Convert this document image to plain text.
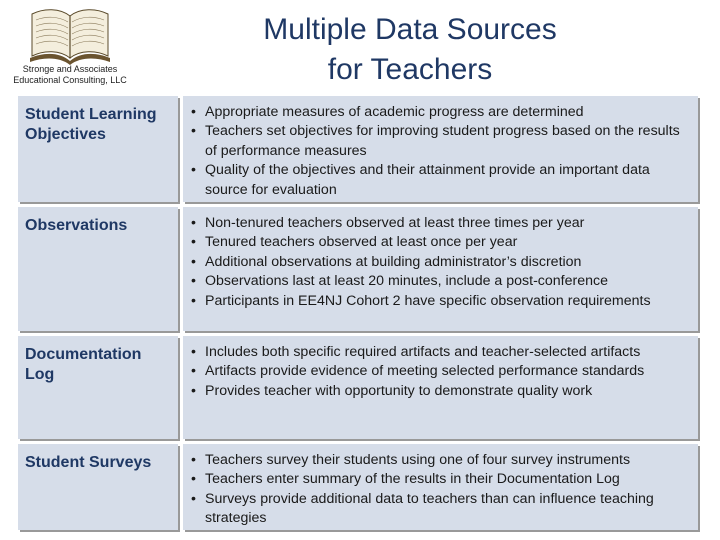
Stronge and Associates Educational Consulting, LLC
Multiple Data Sources
for Teachers
Student Learning Objectives
• Appropriate measures of academic progress are determined
• Teachers set objectives for improving student progress based on the results of performance measures
• Quality of the objectives and their attainment provide an important data source for evaluation
Observations	• Non-tenured teachers observed at least three times per year
• Tenured teachers observed at least once per year
• Additional observations at building administrator’s discretion
• Observations last at least 20 minutes, include a post-conference
• Participants in EE4NJ Cohort 2 have specific observation requirements
Documentation Log
• Includes both specific required artifacts and teacher-selected artifacts
• Artifacts provide evidence of meeting selected performance standards
• Provides teacher with opportunity to demonstrate quality work
Student Surveys	• Teachers survey their students using one of four survey instruments
• Teachers enter summary of the results in their Documentation Log
• Surveys provide additional data to teachers than can influence teaching strategies
